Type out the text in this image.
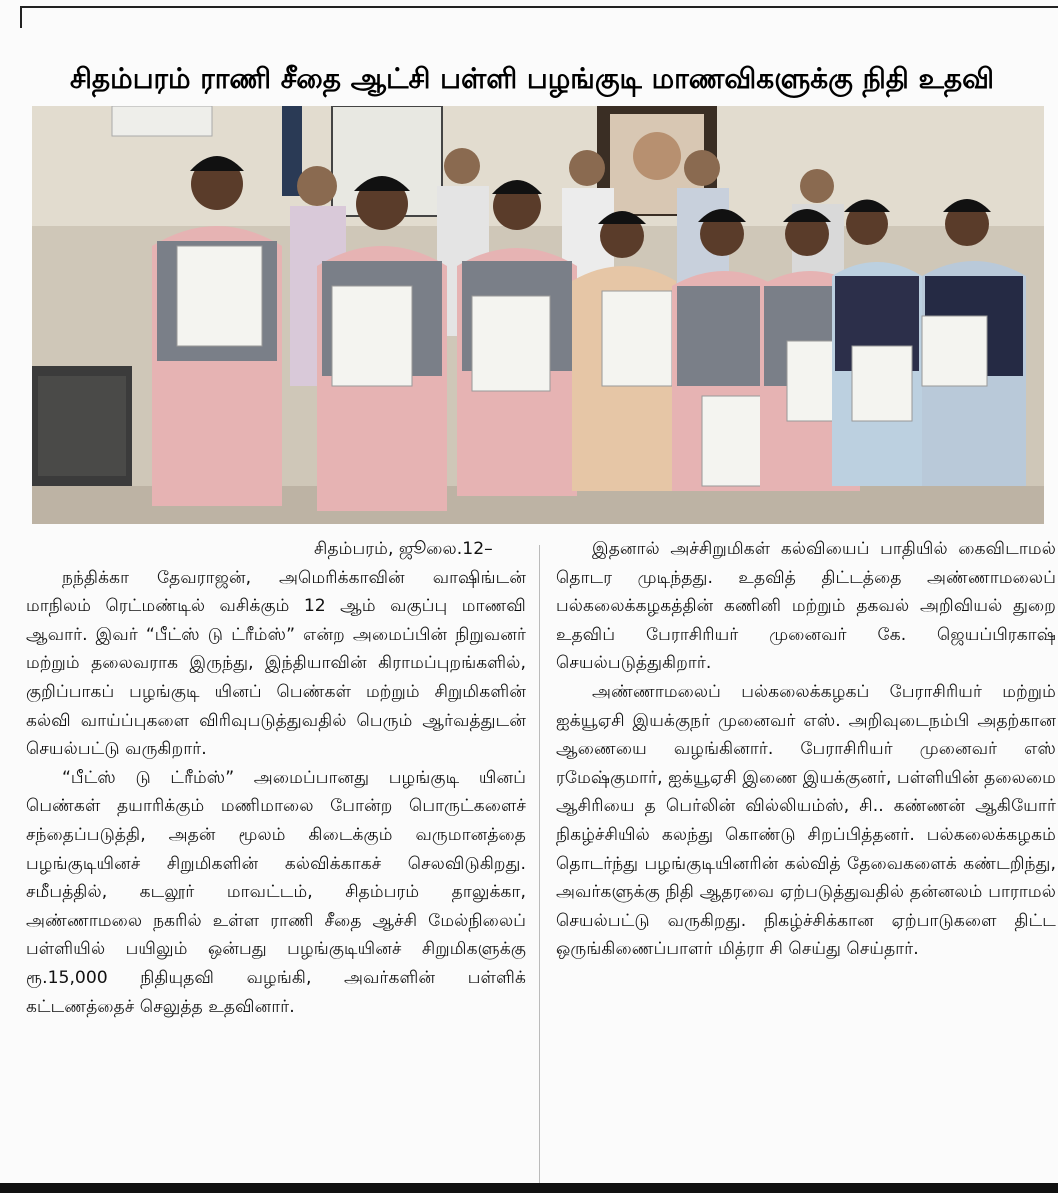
சிதம்பரம் ராணி சீதை ஆட்சி பள்ளி பழங்குடி மாணவிகளுக்கு நிதி உதவி

சிதம்பரம், ஜூலை.12–

நந்திக்கா தேவராஜன், அமெரிக்காவின் வாஷிங்டன் மாநிலம் ரெட்மண்டில் வசிக்கும் 12 ஆம் வகுப்பு மாணவி ஆவார். இவர் “பீட்ஸ் டு ட்ரீம்ஸ்” என்ற அமைப்பின் நிறுவனர் மற்றும் தலைவராக இருந்து, இந்தியாவின் கிராமப்புறங்களில், குறிப்பாகப் பழங்குடி யினப் பெண்கள் மற்றும் சிறுமிகளின் கல்வி வாய்ப்புகளை விரிவுபடுத்துவதில் பெரும் ஆர்வத்துடன் செயல்பட்டு வருகிறார்.

“பீட்ஸ் டு ட்ரீம்ஸ்” அமைப்பானது பழங்குடி யினப் பெண்கள் தயாரிக்கும் மணிமாலை போன்ற பொருட்களைச் சந்தைப்படுத்தி, அதன் மூலம் கிடைக்கும் வருமானத்தை பழங்குடியினச் சிறுமிகளின் கல்விக்காகச் செலவிடுகிறது. சமீபத்தில், கடலூர் மாவட்டம், சிதம்பரம் தாலுக்கா, அண்ணாமலை நகரில் உள்ள ராணி சீதை ஆச்சி மேல்நிலைப் பள்ளியில் பயிலும் ஒன்பது பழங்குடியினச் சிறுமிகளுக்கு ரூ.15,000 நிதியுதவி வழங்கி, அவர்களின் பள்ளிக் கட்டணத்தைச் செலுத்த உதவினார்.

இதனால் அச்சிறுமிகள் கல்வியைப் பாதியில் கைவிடாமல் தொடர முடிந்தது. உதவித் திட்டத்தை அண்ணாமலைப் பல்கலைக்கழகத்தின் கணினி மற்றும் தகவல் அறிவியல் துறை உதவிப் பேராசிரியர் முனைவர் கே. ஜெயப்பிரகாஷ் செயல்படுத்துகிறார்.

அண்ணாமலைப் பல்கலைக்கழகப் பேராசிரியர் மற்றும் ஐக்யூஏசி இயக்குநர் முனைவர் எஸ். அறிவுடைநம்பி அதற்கான ஆணையை வழங்கினார். பேராசிரியர் முனைவர் எஸ் ரமேஷ்குமார், ஐக்யூஏசி இணை இயக்குனர், பள்ளியின் தலைமை ஆசிரியை த பெர்லின் வில்லியம்ஸ், சி.. கண்ணன் ஆகியோர் நிகழ்ச்சியில் கலந்து கொண்டு சிறப்பித்தனர். பல்கலைக்கழகம் தொடர்ந்து பழங்குடியினரின் கல்வித் தேவைகளைக் கண்டறிந்து, அவர்களுக்கு நிதி ஆதரவை ஏற்படுத்துவதில் தன்னலம் பாராமல் செயல்பட்டு வருகிறது. நிகழ்ச்சிக்கான ஏற்பாடுகளை திட்ட ஒருங்கிணைப்பாளர் மித்ரா சி செய்து செய்தார்.
